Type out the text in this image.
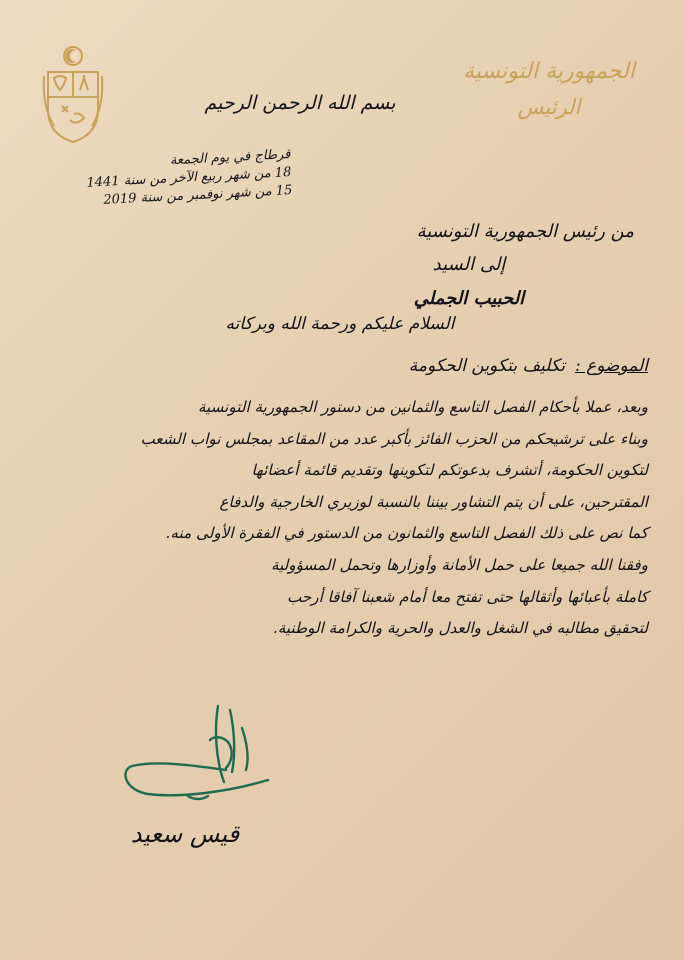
الجمهورية التونسية
الرئيس
بسم الله الرحمن الرحيم
قرطاج في يوم الجمعة
18 من شهر ربيع الآخر من سنة 1441
15 من شهر نوفمبر من سنة 2019
من رئيس الجمهورية التونسية
إلى السيد
الحبيب الجملي
السلام عليكم ورحمة الله وبركاته
الموضوع :تكليف بتكوين الحكومة

وبعد، عملا بأحكام الفصل التاسع والثمانين من دستور الجمهورية التونسية

وبناء على ترشيحكم من الحزب الفائز بأكبر عدد من المقاعد بمجلس نواب الشعب

لتكوين الحكومة، أتشرف بدعوتكم لتكوينها وتقديم قائمة أعضائها

المقترحين، على أن يتم التشاور بيننا بالنسبة لوزيري الخارجية والدفاع

كما نص على ذلك الفصل التاسع والثمانون من الدستور في الفقرة الأولى منه.

وفقنا الله جميعا على حمل الأمانة وأوزارها وتحمل المسؤولية

كاملة بأعبائها وأثقالها حتى تفتح معا أمام شعبنا آفاقا أرحب

لتحقيق مطالبه في الشغل والعدل والحرية والكرامة الوطنية.

قيس سعيد
